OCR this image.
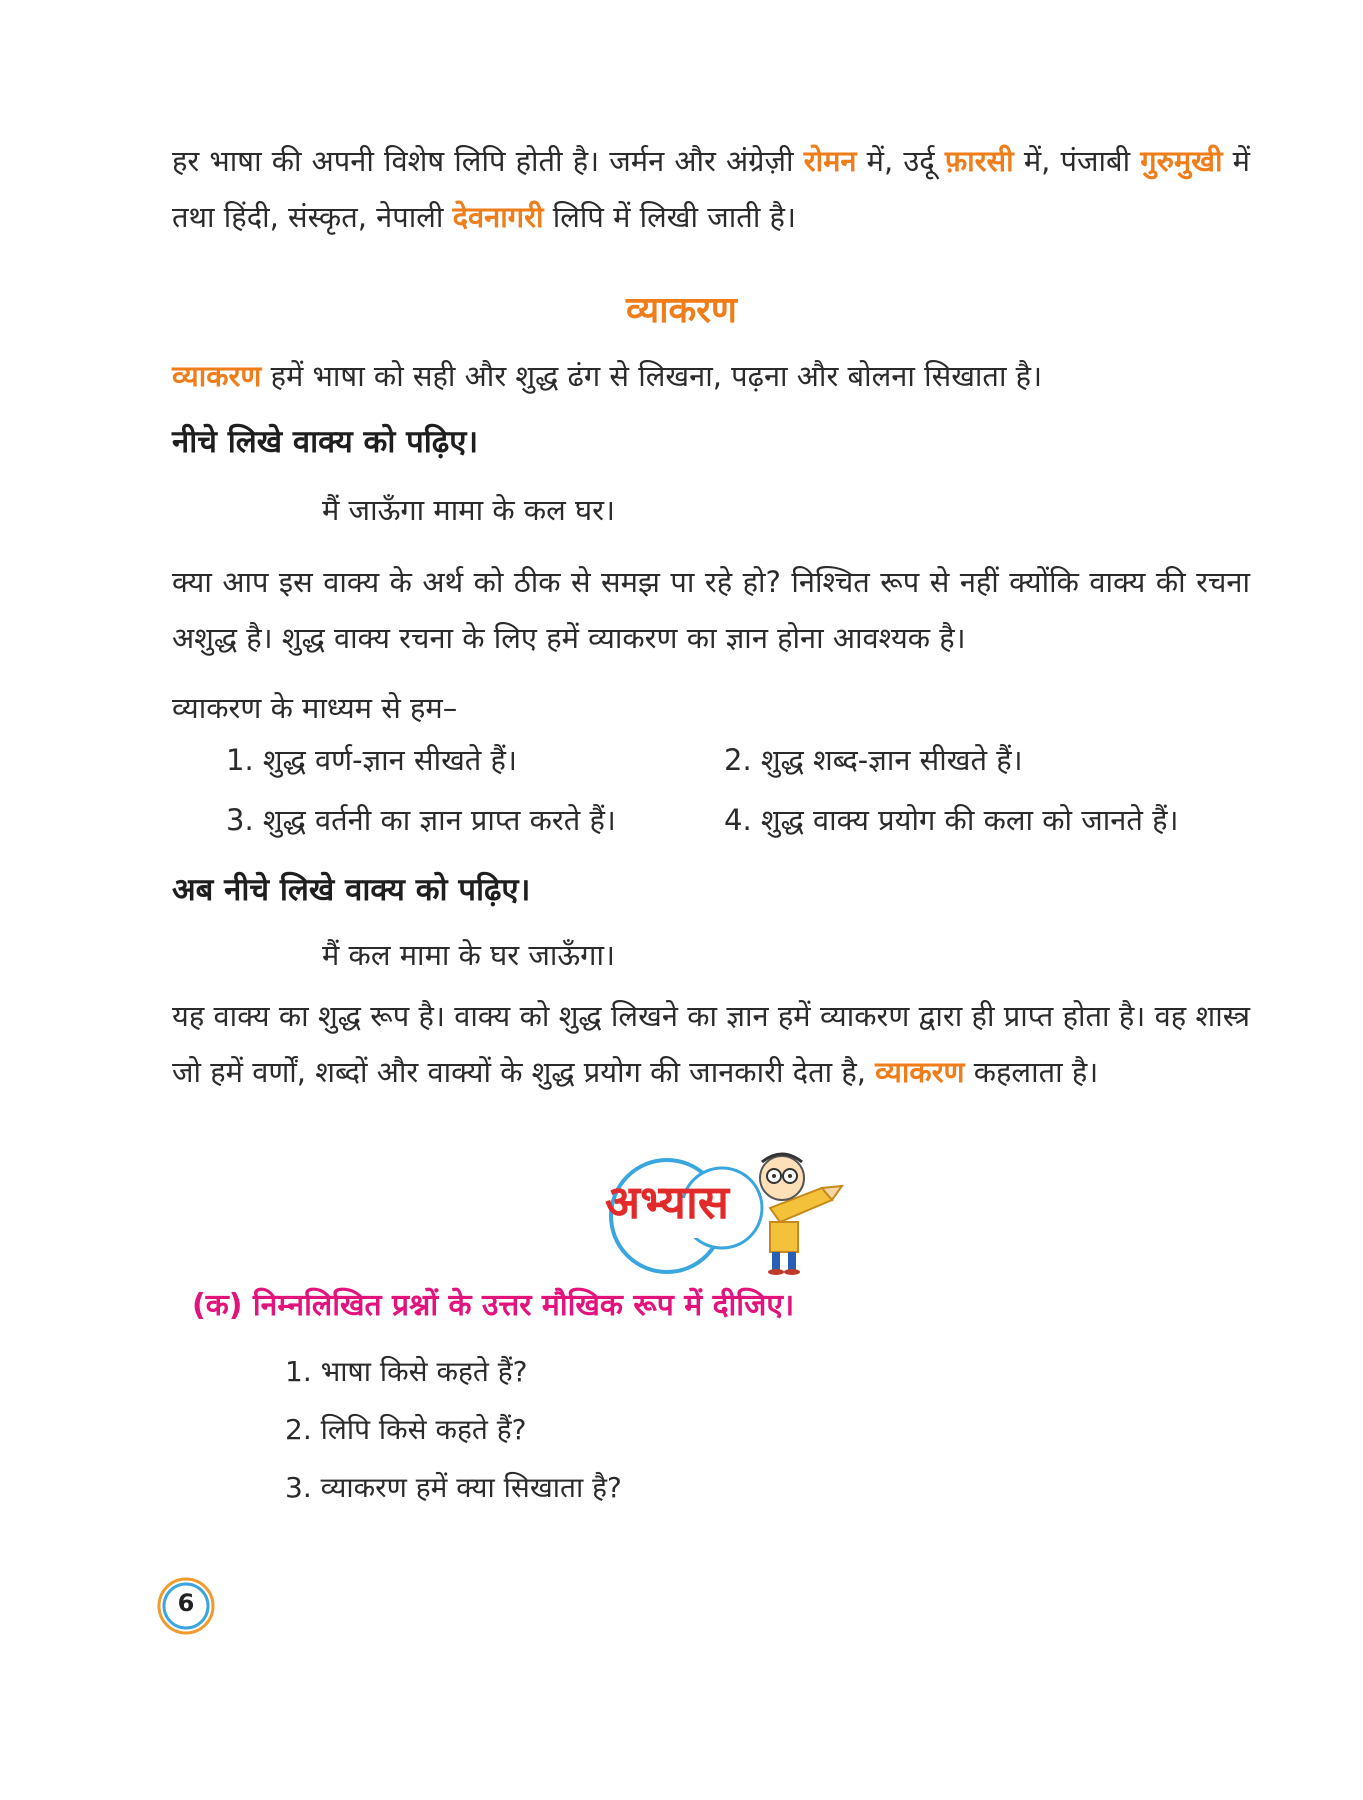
हर भाषा की अपनी विशेष लिपि होती है। जर्मन और अंग्रेज़ी रोमन में, उर्दू फ़ारसी में, पंजाबी गुरुमुखी में तथा हिंदी, संस्कृत, नेपाली देवनागरी लिपि में लिखी जाती है।

व्याकरण

व्याकरण हमें भाषा को सही और शुद्ध ढंग से लिखना, पढ़ना और बोलना सिखाता है।

नीचे लिखे वाक्य को पढ़िए।

मैं जाऊँगा मामा के कल घर।

क्या आप इस वाक्य के अर्थ को ठीक से समझ पा रहे हो? निश्चित रूप से नहीं क्योंकि वाक्य की रचना अशुद्ध है। शुद्ध वाक्य रचना के लिए हमें व्याकरण का ज्ञान होना आवश्यक है।

व्याकरण के माध्यम से हम–

1. शुद्ध वर्ण-ज्ञान सीखते हैं।	2. शुद्ध शब्द-ज्ञान सीखते हैं।

3. शुद्ध वर्तनी का ज्ञान प्राप्त करते हैं।	4. शुद्ध वाक्य प्रयोग की कला को जानते हैं।

अब नीचे लिखे वाक्य को पढ़िए।

मैं कल मामा के घर जाऊँगा।

यह वाक्य का शुद्ध रूप है। वाक्य को शुद्ध लिखने का ज्ञान हमें व्याकरण द्वारा ही प्राप्त होता है। वह शास्त्र जो हमें वर्णों, शब्दों और वाक्यों के शुद्ध प्रयोग की जानकारी देता है, व्याकरण कहलाता है।

अभ्यास

(क) निम्नलिखित प्रश्नों के उत्तर मौखिक रूप में दीजिए।

1. भाषा किसे कहते हैं?

2. लिपि किसे कहते हैं?

3. व्याकरण हमें क्या सिखाता है?

6
